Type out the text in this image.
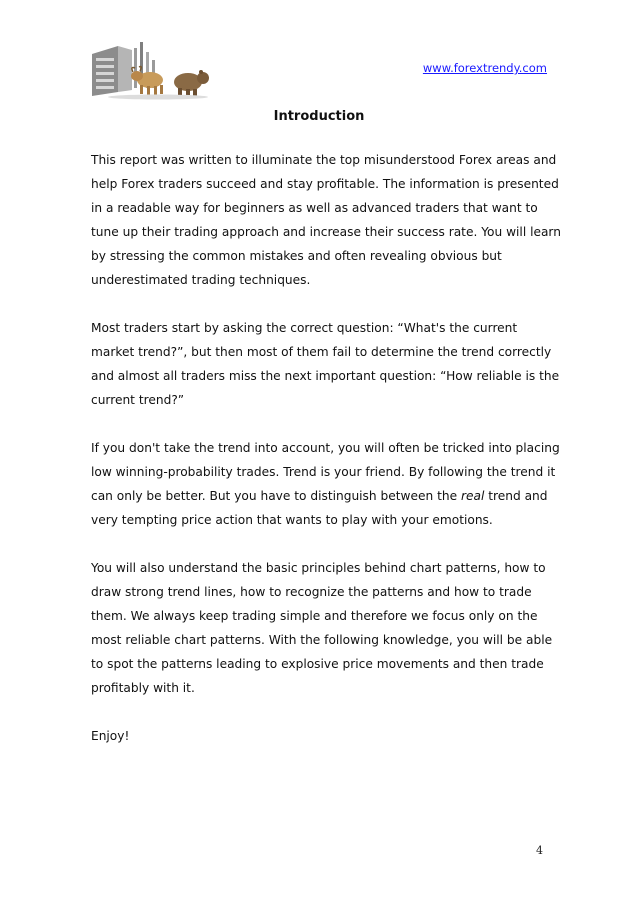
www.forextrendy.com
Introduction

This report was written to illuminate the top misunderstood Forex areas and help Forex traders succeed and stay profitable. The information is presented in a readable way for beginners as well as advanced traders that want to tune up their trading approach and increase their success rate. You will learn by stressing the common mistakes and often revealing obvious but underestimated trading techniques.

Most traders start by asking the correct question: “What's the current market trend?”, but then most of them fail to determine the trend correctly and almost all traders miss the next important question: “How reliable is the current trend?”

If you don't take the trend into account, you will often be tricked into placing low winning-probability trades. Trend is your friend. By following the trend it can only be better. But you have to distinguish between the real trend and very tempting price action that wants to play with your emotions.

You will also understand the basic principles behind chart patterns, how to draw strong trend lines, how to recognize the patterns and how to trade them. We always keep trading simple and therefore we focus only on the most reliable chart patterns. With the following knowledge, you will be able to spot the patterns leading to explosive price movements and then trade profitably with it.

Enjoy!

4
